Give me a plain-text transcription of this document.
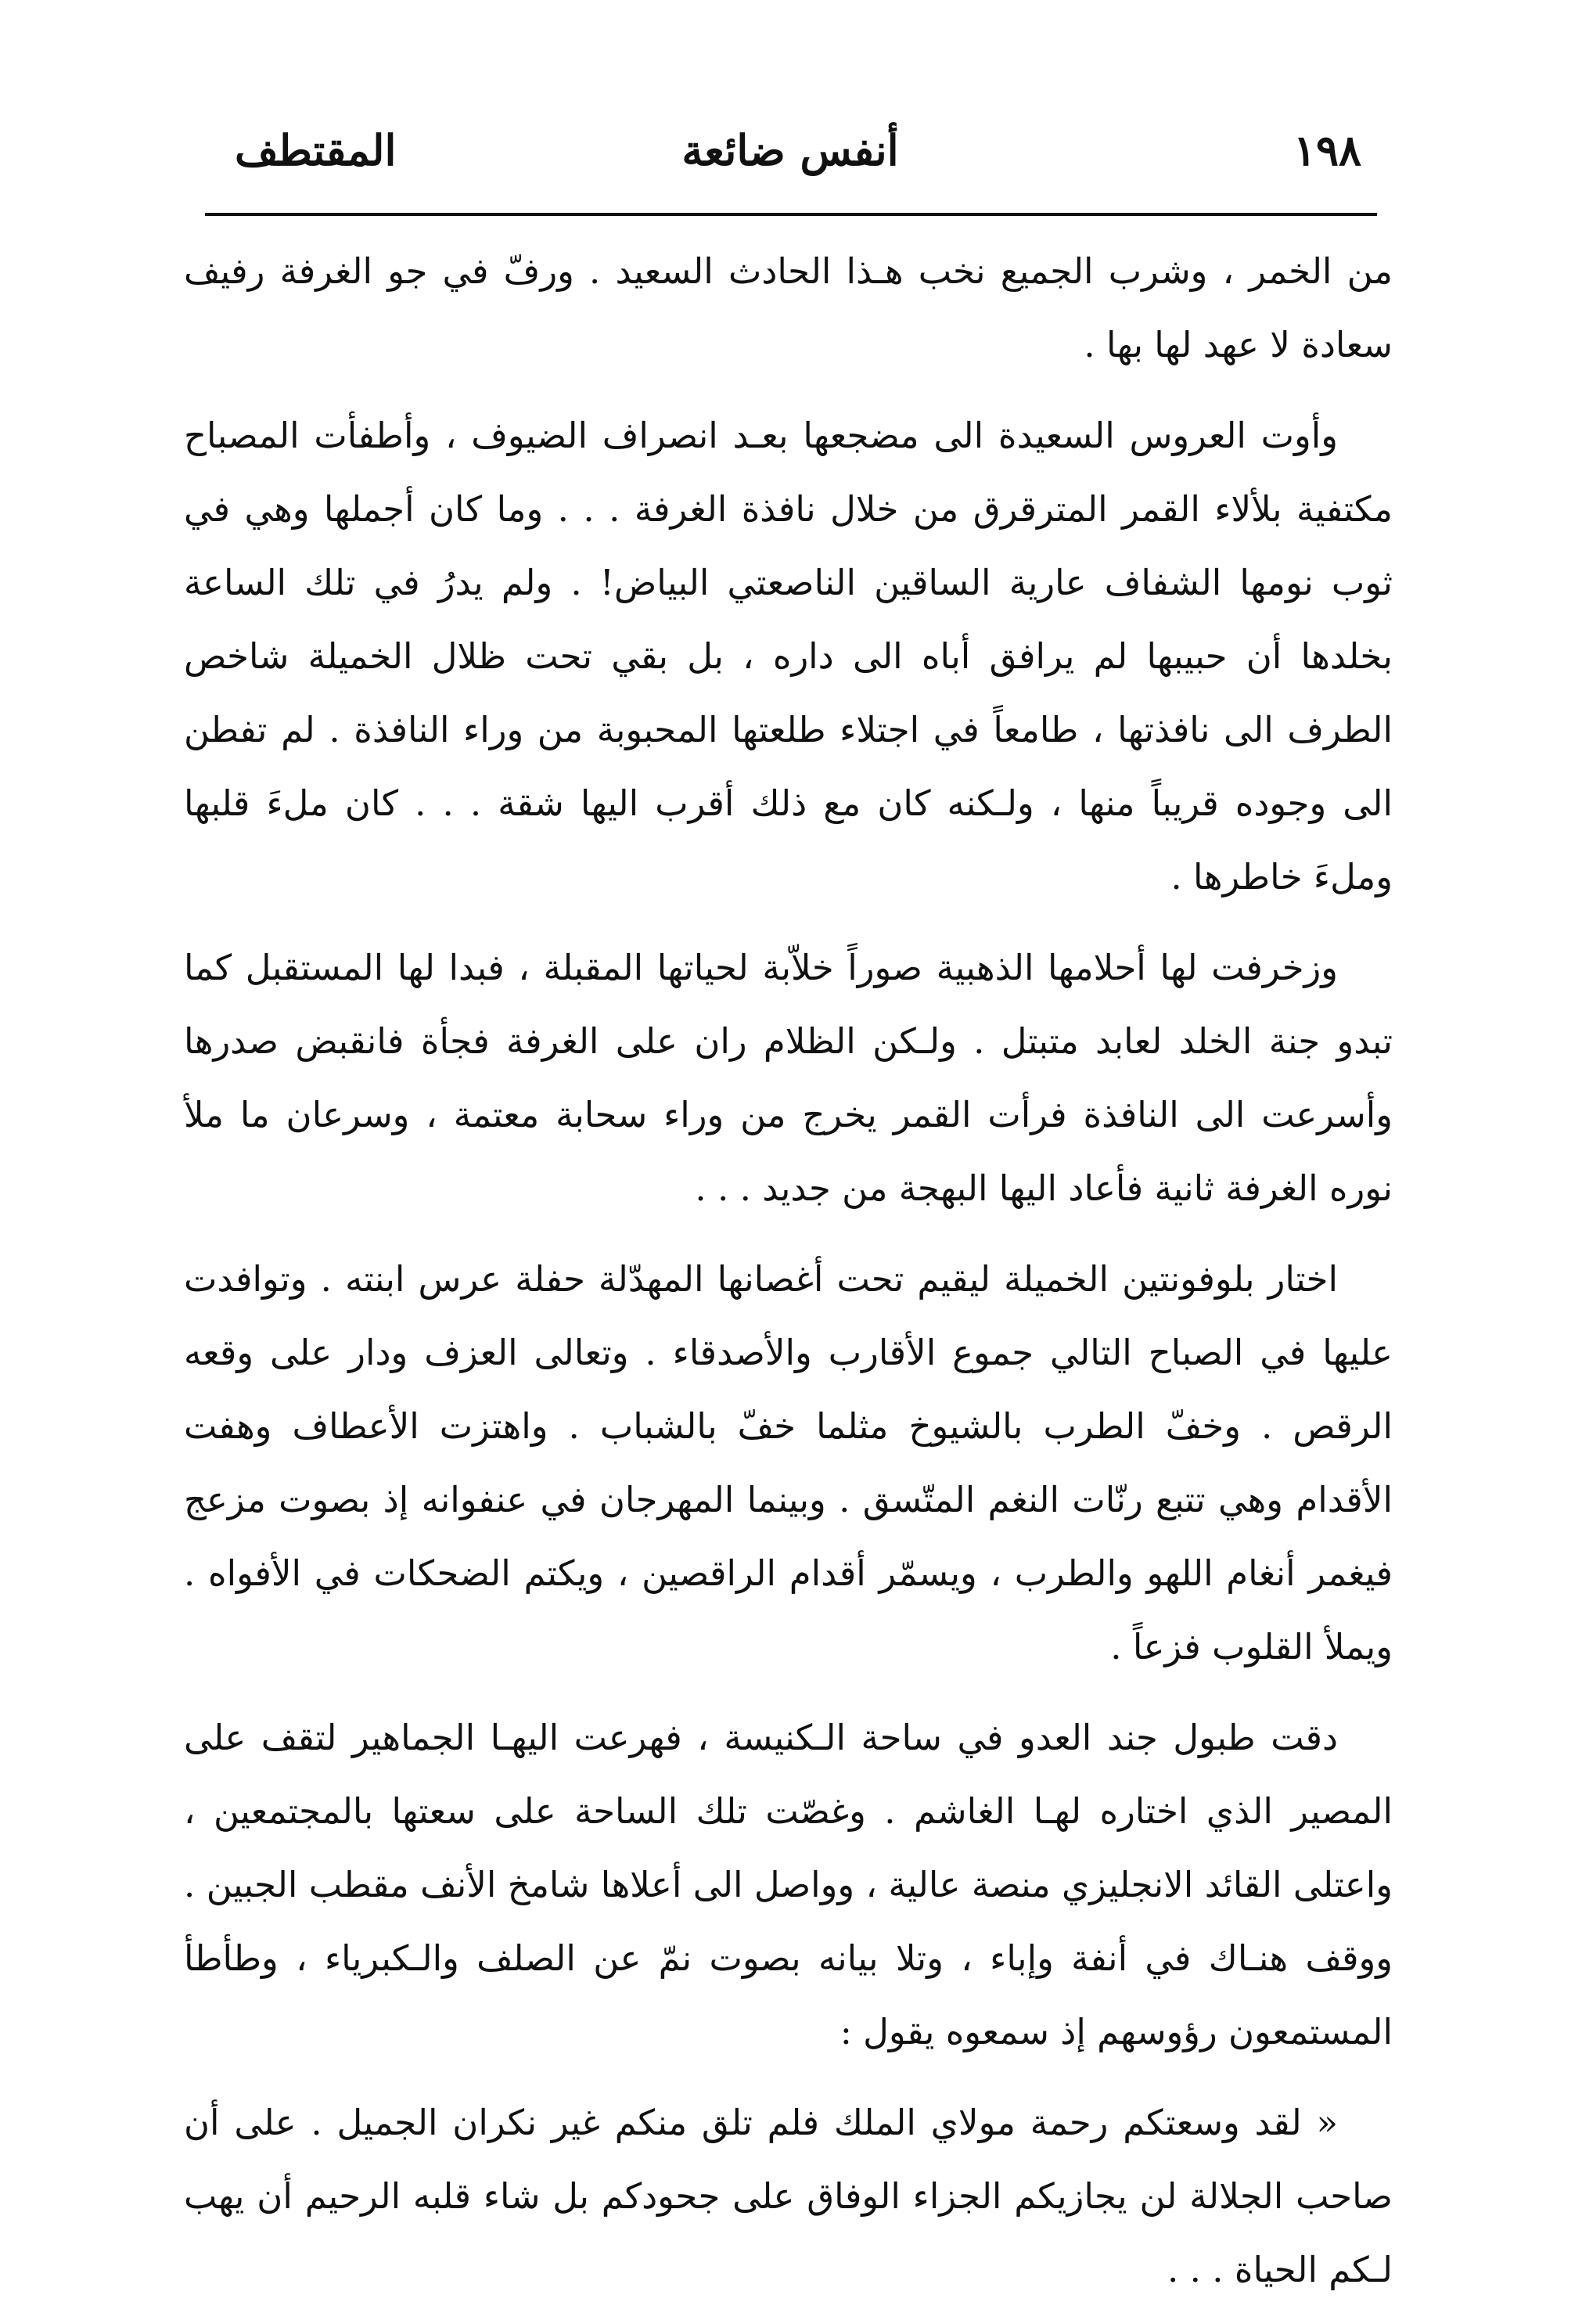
١٩٨
أنفس ضائعة
المقتطف

من الخمر ، وشرب الجميع نخب هـذا الحادث السعيد . ورفّ في جو الغرفة رفيف سعادة لا عهد لها بها .

وأوت العروس السعيدة الى مضجعها بعـد انصراف الضيوف ، وأطفأت المصباح مكتفية بلألاء القمر المترقرق من خلال نافذة الغرفة . . . وما كان أجملها وهي في ثوب نومها الشفاف عارية الساقين الناصعتي البياض! . ولم يدرُ في تلك الساعة بخلدها أن حبيبها لم يرافق أباه الى داره ، بل بقي تحت ظلال الخميلة شاخص الطرف الى نافذتها ، طامعاً في اجتلاء طلعتها المحبوبة من وراء النافذة . لم تفطن الى وجوده قريباً منها ، ولـكنه كان مع ذلك أقرب اليها شقة . . . كان ملءَ قلبها وملءَ خاطرها .

وزخرفت لها أحلامها الذهبية صوراً خلاّبة لحياتها المقبلة ، فبدا لها المستقبل كما تبدو جنة الخلد لعابد متبتل . ولـكن الظلام ران على الغرفة فجأة فانقبض صدرها وأسرعت الى النافذة فرأت القمر يخرج من وراء سحابة معتمة ، وسرعان ما ملأ نوره الغرفة ثانية فأعاد اليها البهجة من جديد . . .

اختار بلوفونتين الخميلة ليقيم تحت أغصانها المهدّلة حفلة عرس ابنته . وتوافدت عليها في الصباح التالي جموع الأقارب والأصدقاء . وتعالى العزف ودار على وقعه الرقص . وخفّ الطرب بالشيوخ مثلما خفّ بالشباب . واهتزت الأعطاف وهفت الأقدام وهي تتبع رنّات النغم المتّسق . وبينما المهرجان في عنفوانه إذ بصوت مزعج فيغمر أنغام اللهو والطرب ، ويسمّر أقدام الراقصين ، ويكتم الضحكات في الأفواه . ويملأ القلوب فزعاً .

دقت طبول جند العدو في ساحة الـكنيسة ، فهرعت اليهـا الجماهير لتقف على المصير الذي اختاره لهـا الغاشم . وغصّت تلك الساحة على سعتها بالمجتمعين ، واعتلى القائد الانجليزي منصة عالية ، وواصل الى أعلاها شامخ الأنف مقطب الجبين . ووقف هنـاك في أنفة وإباء ، وتلا بيانه بصوت نمّ عن الصلف والـكبرياء ، وطأطأ المستمعون رؤوسهم إذ سمعوه يقول :

« لقد وسعتكم رحمة مولاي الملك فلم تلق منكم غير نكران الجميل . على أن صاحب الجلالة لن يجازيكم الجزاء الوفاق على جحودكم بل شاء قلبه الرحيم أن يهب لـكم الحياة . . .
